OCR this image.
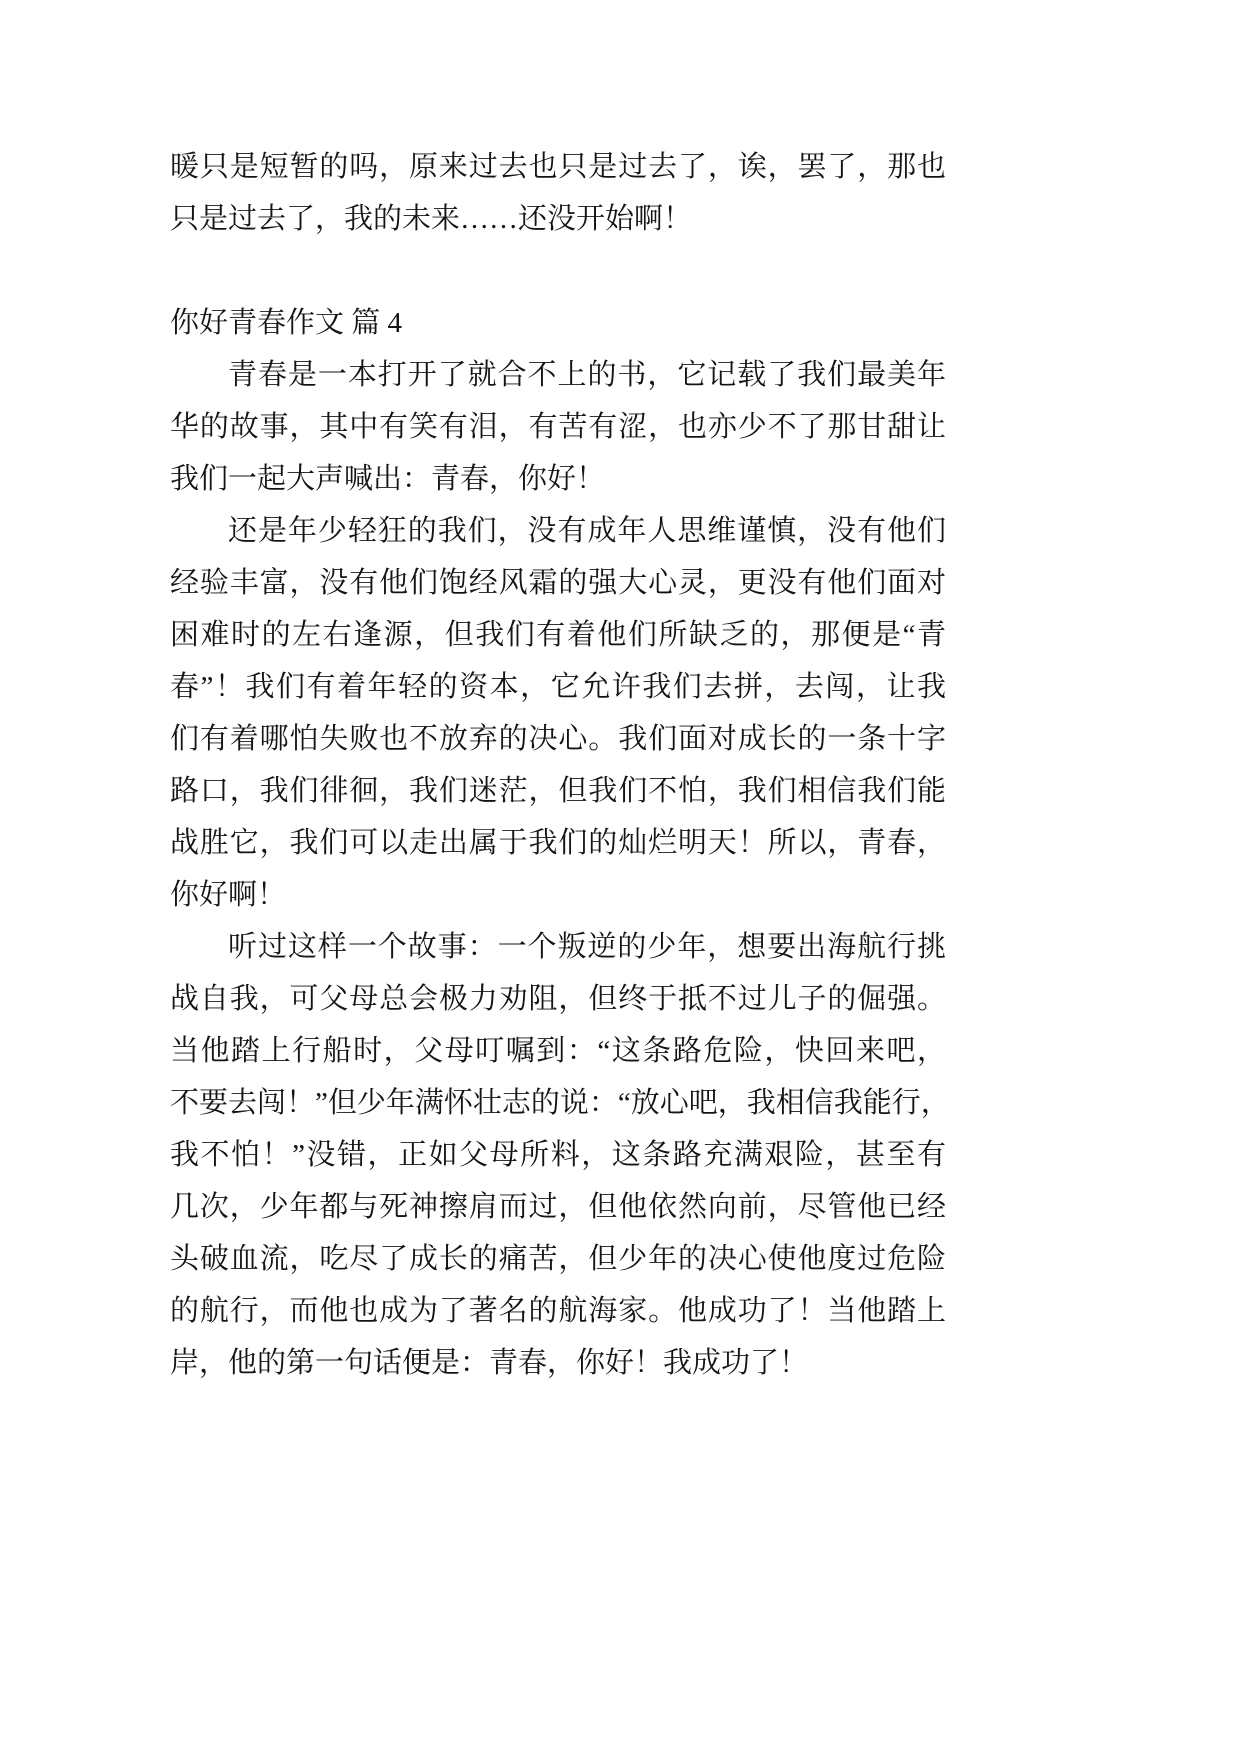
暖只是短暂的吗，原来过去也只是过去了，诶，罢了，那也
只是过去了，我的未来……还没开始啊！
你好青春作文 篇 4
青春是一本打开了就合不上的书，它记载了我们最美年
华的故事，其中有笑有泪，有苦有涩，也亦少不了那甘甜让
我们一起大声喊出：青春，你好！
还是年少轻狂的我们，没有成年人思维谨慎，没有他们
经验丰富，没有他们饱经风霜的强大心灵，更没有他们面对
困难时的左右逢源，但我们有着他们所缺乏的，那便是“青
春”！我们有着年轻的资本，它允许我们去拼，去闯，让我
们有着哪怕失败也不放弃的决心。我们面对成长的一条十字
路口，我们徘徊，我们迷茫，但我们不怕，我们相信我们能
战胜它，我们可以走出属于我们的灿烂明天！所以，青春，
你好啊！
听过这样一个故事：一个叛逆的少年，想要出海航行挑
战自我，可父母总会极力劝阻，但终于抵不过儿子的倔强。
当他踏上行船时，父母叮嘱到：“这条路危险，快回来吧，
不要去闯！”但少年满怀壮志的说：“放心吧，我相信我能行，
我不怕！”没错，正如父母所料，这条路充满艰险，甚至有
几次，少年都与死神擦肩而过，但他依然向前，尽管他已经
头破血流，吃尽了成长的痛苦，但少年的决心使他度过危险
的航行，而他也成为了著名的航海家。他成功了！当他踏上
岸，他的第一句话便是：青春，你好！我成功了！
